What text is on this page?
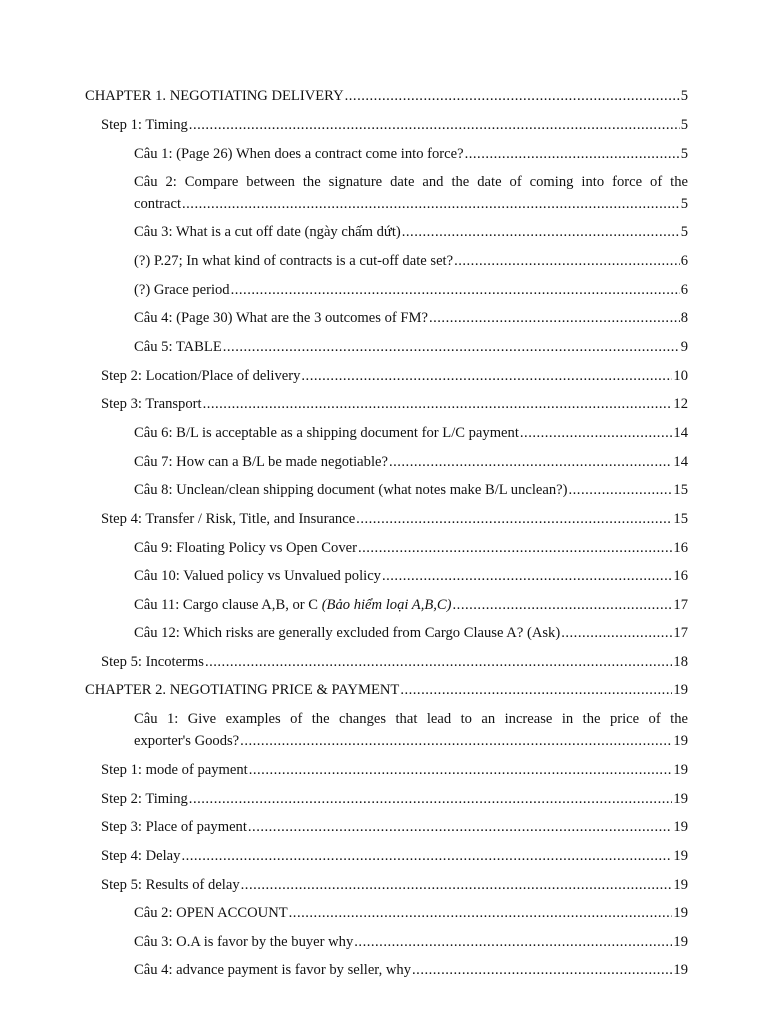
CHAPTER 1. NEGOTIATING DELIVERY .....	5
Step 1: Timing .....	5
Câu 1: (Page 26) When does a contract come into force? .....	5
Câu 2: Compare between the signature date and the date of coming into force of the
contract .....	5
Câu 3: What is a cut off date (ngày chấm dứt) .....	5
(?) P.27; In what kind of contracts is a cut-off date set? .....	6
(?) Grace period .....	6
Câu 4: (Page 30) What are the 3 outcomes of FM? .....	8
Câu 5: TABLE .....	9
Step 2: Location/Place of delivery .....	10
Step 3: Transport .....	12
Câu 6: B/L is acceptable as a shipping document for L/C payment .....	14
Câu 7: How can a B/L be made negotiable? .....	14
Câu 8: Unclean/clean shipping document (what notes make B/L unclean?) .....	15
Step 4: Transfer / Risk, Title, and Insurance .....	15
Câu 9: Floating Policy vs Open Cover .....	16
Câu 10: Valued policy vs Unvalued policy .....	16
Câu 11: Cargo clause A,B, or C (Bảo hiểm loại A,B,C) .....	17
Câu 12: Which risks are generally excluded from Cargo Clause A? (Ask) .....	17
Step 5: Incoterms .....	18
CHAPTER 2. NEGOTIATING PRICE & PAYMENT .....	19
Câu 1: Give examples of the changes that lead to an increase in the price of the
exporter's Goods? .....	19
Step 1: mode of payment .....	19
Step 2: Timing .....	19
Step 3: Place of payment .....	19
Step 4: Delay .....	19
Step 5: Results of delay .....	19
Câu 2: OPEN ACCOUNT .....	19
Câu 3: O.A is favor by the buyer why .....	19
Câu 4: advance payment is favor by seller, why .....	19
